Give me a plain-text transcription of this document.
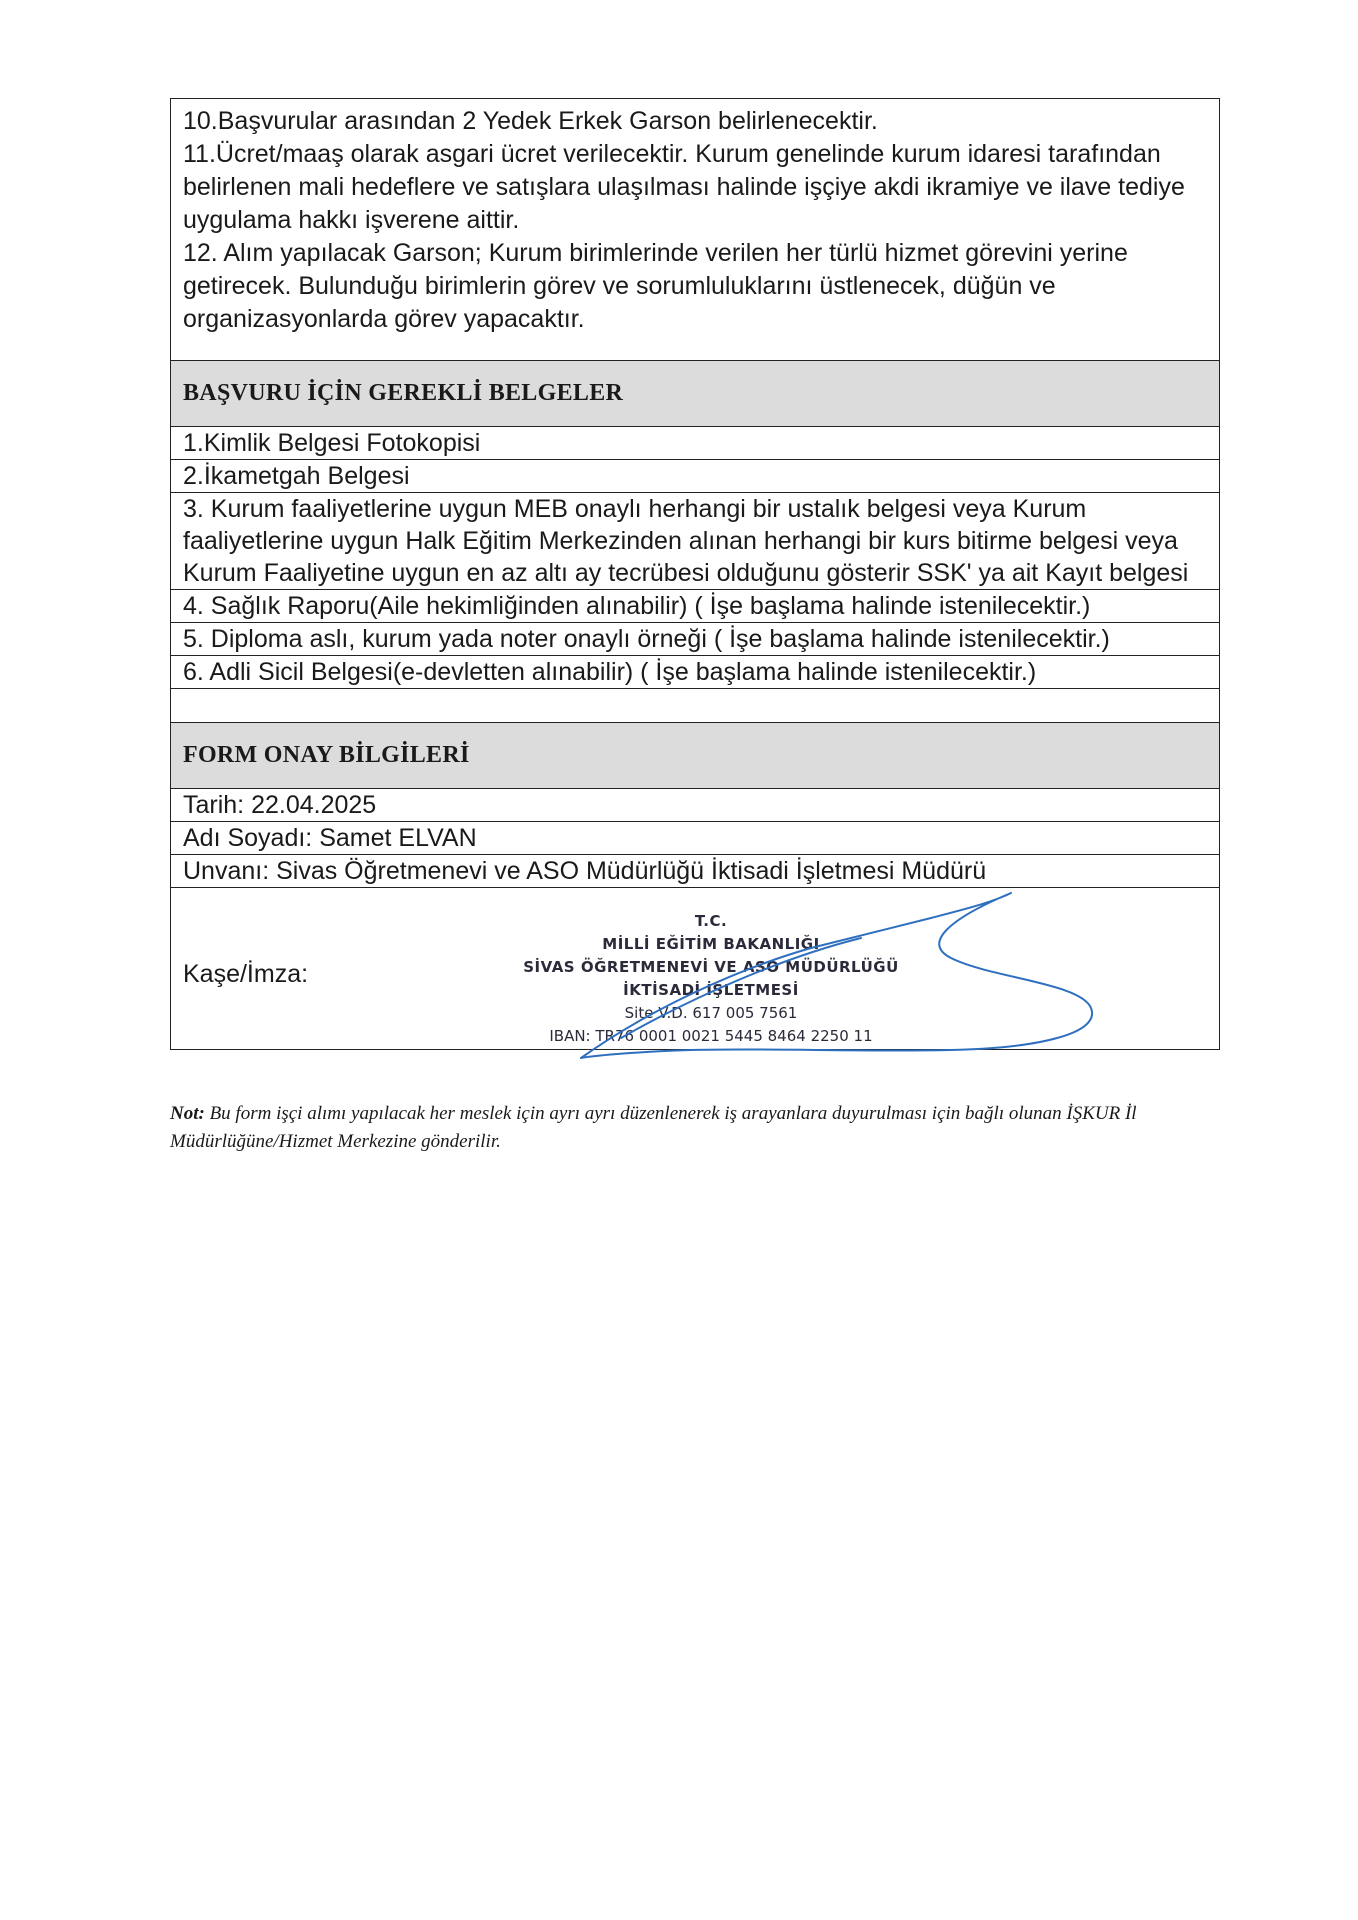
10.Başvurular arasından 2 Yedek Erkek Garson belirlenecektir.

11.Ücret/maaş olarak asgari ücret verilecektir. Kurum genelinde kurum idaresi tarafından belirlenen mali hedeflere ve satışlara ulaşılması halinde işçiye akdi ikramiye ve ilave tediye uygulama hakkı işverene aittir.

12. Alım yapılacak Garson; Kurum birimlerinde verilen her türlü hizmet görevini yerine getirecek. Bulunduğu birimlerin görev ve sorumluluklarını üstlenecek, düğün ve organizasyonlarda görev yapacaktır.

BAŞVURU İÇİN GEREKLİ BELGELER
1.Kimlik Belgesi Fotokopisi
2.İkametgah Belgesi
3. Kurum faaliyetlerine uygun MEB onaylı herhangi bir ustalık belgesi veya Kurum faaliyetlerine uygun Halk Eğitim Merkezinden alınan herhangi bir kurs bitirme belgesi veya Kurum Faaliyetine uygun en az altı ay tecrübesi olduğunu gösterir SSK' ya ait Kayıt belgesi
4. Sağlık Raporu(Aile hekimliğinden alınabilir) ( İşe başlama halinde istenilecektir.)
5. Diploma aslı, kurum yada noter onaylı örneği ( İşe başlama halinde istenilecektir.)
6. Adli Sicil Belgesi(e-devletten alınabilir) ( İşe başlama halinde istenilecektir.)
FORM ONAY BİLGİLERİ
Tarih: 22.04.2025
Adı Soyadı: Samet ELVAN
Unvanı: Sivas Öğretmenevi ve ASO Müdürlüğü İktisadi İşletmesi Müdürü
Kaşe/İmza:
T.C.
MİLLİ EĞİTİM BAKANLIĞI
SİVAS ÖĞRETMENEVİ VE ASO MÜDÜRLÜĞÜ
İKTİSADİ İŞLETMESİ
Site V.D. 617 005 7561
IBAN: TR76 0001 0021 5445 8464 2250 11
Not: Bu form işçi alımı yapılacak her meslek için ayrı ayrı düzenlenerek iş arayanlara duyurulması için bağlı olunan İŞKUR İl Müdürlüğüne/Hizmet Merkezine gönderilir.
